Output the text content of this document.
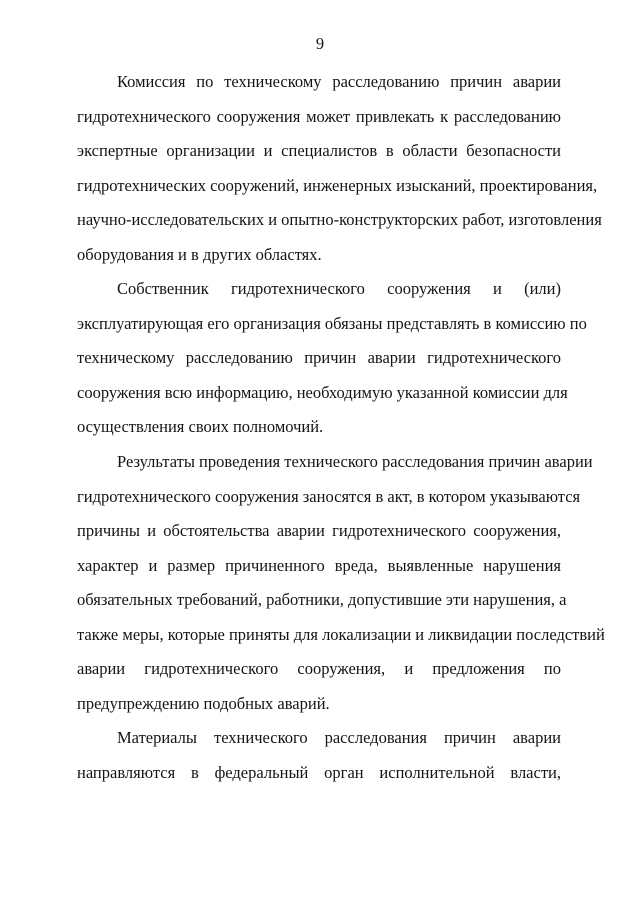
9
Комиссия по техническому расследованию причин аварии
гидротехнического сооружения может привлекать к расследованию
экспертные организации и специалистов в области безопасности
гидротехнических сооружений, инженерных изысканий, проектирования,
научно-исследовательских и опытно-конструкторских работ, изготовления
оборудования и в других областях.
Собственник гидротехнического сооружения и (или)
эксплуатирующая его организация обязаны представлять в комиссию по
техническому расследованию причин аварии гидротехнического
сооружения всю информацию, необходимую указанной комиссии для
осуществления своих полномочий.
Результаты проведения технического расследования причин аварии
гидротехнического сооружения заносятся в акт, в котором указываются
причины и обстоятельства аварии гидротехнического сооружения,
характер и размер причиненного вреда, выявленные нарушения
обязательных требований, работники, допустившие эти нарушения, а
также меры, которые приняты для локализации и ликвидации последствий
аварии гидротехнического сооружения, и предложения по
предупреждению подобных аварий.
Материалы технического расследования причин аварии
направляются в федеральный орган исполнительной власти,
